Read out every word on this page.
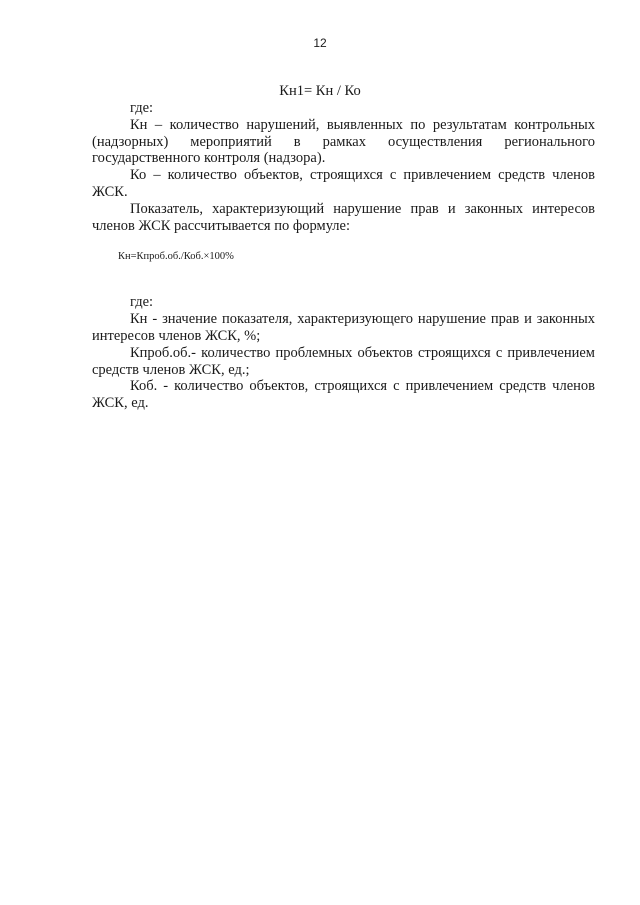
12
Кн1= Кн / Ко

где:

Кн – количество нарушений, выявленных по результатам контрольных (надзорных) мероприятий в рамках осуществления регионального государственного контроля (надзора).

Ко – количество объектов, строящихся с привлечением средств членов ЖСК.

Показатель, характеризующий нарушение прав и законных интересов членов ЖСК рассчитывается по формуле:

Кн=Кпроб.об./Коб.×100%

где:

Кн - значение показателя, характеризующего нарушение прав и законных интересов членов ЖСК, %;

Кпроб.об.- количество проблемных объектов строящихся с привлечением средств членов ЖСК, ед.;

Коб. - количество объектов, строящихся с привлечением средств членов ЖСК, ед.
